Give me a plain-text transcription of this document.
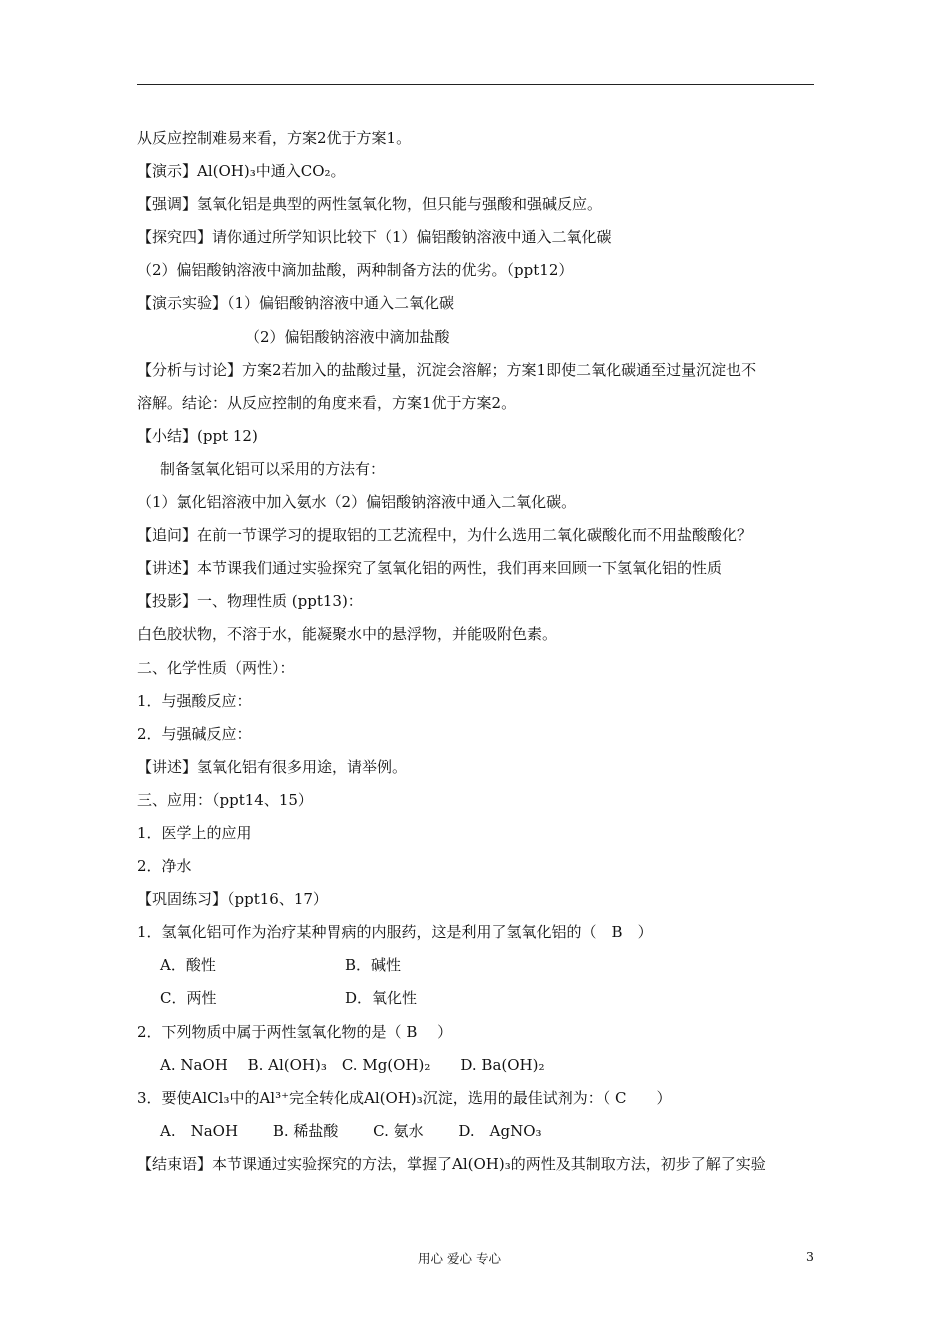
从反应控制难易来看，方案2优于方案1。
【演示】Al(OH)₃中通入CO₂。
【强调】氢氧化铝是典型的两性氢氧化物，但只能与强酸和强碱反应。
【探究四】请你通过所学知识比较下（1）偏铝酸钠溶液中通入二氧化碳
（2）偏铝酸钠溶液中滴加盐酸，两种制备方法的优劣。（ppt12）
【演示实验】（1）偏铝酸钠溶液中通入二氧化碳
（2）偏铝酸钠溶液中滴加盐酸
【分析与讨论】方案2若加入的盐酸过量，沉淀会溶解；方案1即使二氧化碳通至过量沉淀也不
溶解。结论：从反应控制的角度来看，方案1优于方案2。
【小结】(ppt 12)
制备氢氧化铝可以采用的方法有：
（1）氯化铝溶液中加入氨水（2）偏铝酸钠溶液中通入二氧化碳。
【追问】在前一节课学习的提取铝的工艺流程中，为什么选用二氧化碳酸化而不用盐酸酸化？
【讲述】本节课我们通过实验探究了氢氧化铝的两性，我们再来回顾一下氢氧化铝的性质
【投影】一、物理性质 (ppt13)：
白色胶状物，不溶于水，能凝聚水中的悬浮物，并能吸附色素。
二、化学性质（两性）：
1．与强酸反应：
2．与强碱反应：
【讲述】氢氧化铝有很多用途，请举例。
三、应用：（ppt14、15）
1．医学上的应用
2．净水
【巩固练习】（ppt16、17）
1．氢氧化铝可作为治疗某种胃病的内服药，这是利用了氢氧化铝的（　B　）
A．酸性	B．碱性
C．两性	D．氧化性
2．下列物质中属于两性氢氧化物的是（ B　 ）
A. NaOH　 B. Al(OH)₃　C. Mg(OH)₂　　D. Ba(OH)₂
3．要使AlCl₃中的Al³⁺完全转化成Al(OH)₃沉淀，选用的最佳试剂为：（ C　　）
A.　NaOH　　 B. 稀盐酸　　 C. 氨水　　 D.　AgNO₃
【结束语】本节课通过实验探究的方法，掌握了Al(OH)₃的两性及其制取方法，初步了解了实验
用心 爱心 专心	3
